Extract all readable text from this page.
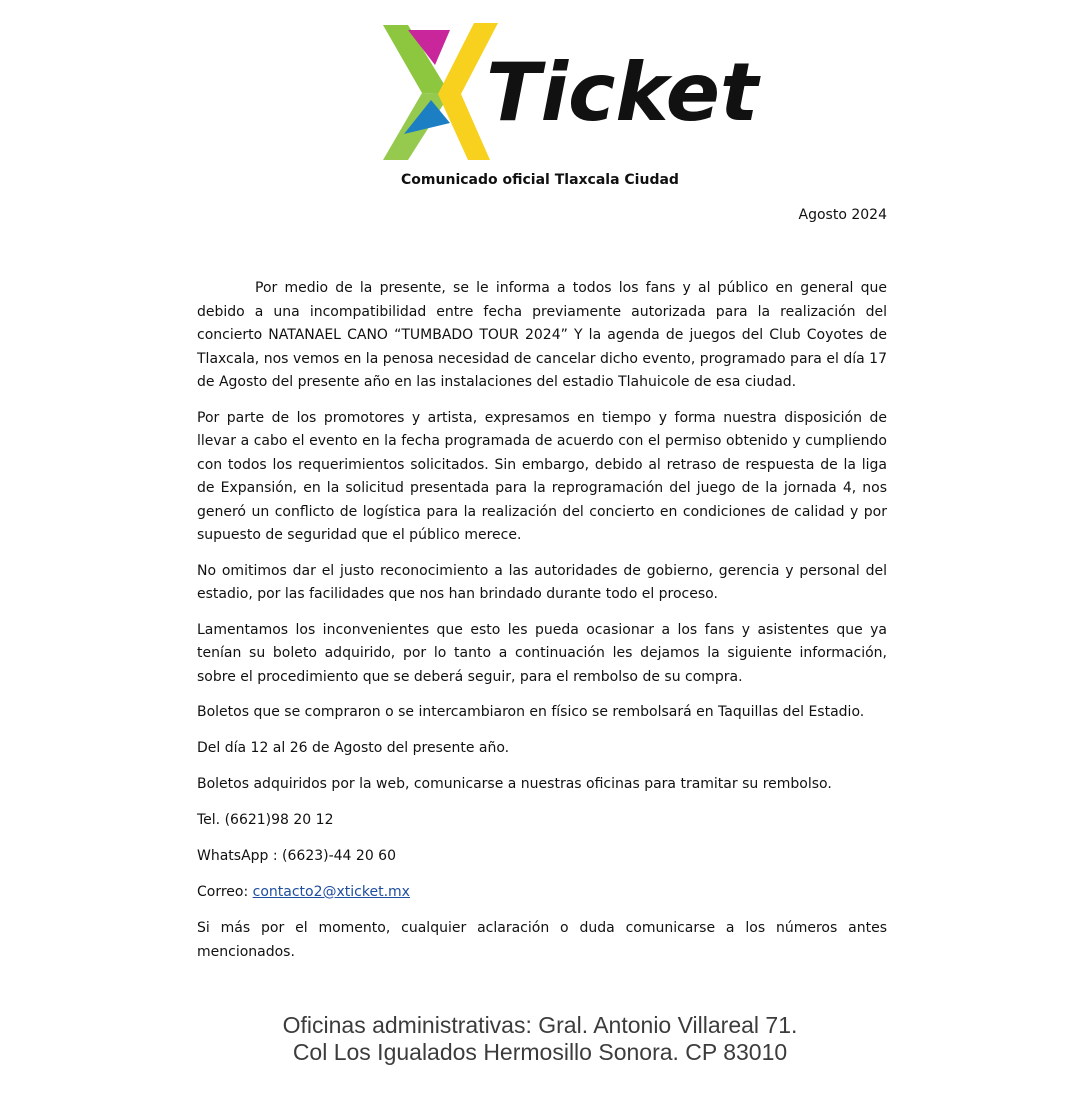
Ticket
Comunicado oficial Tlaxcala Ciudad
Agosto 2024

Por medio de la presente, se le informa a todos los fans y al público en general que debido a una incompatibilidad entre fecha previamente autorizada para la realización del concierto NATANAEL CANO “TUMBADO TOUR 2024” Y la agenda de juegos del Club Coyotes de Tlaxcala, nos vemos en la penosa necesidad de cancelar dicho evento, programado para el día 17 de Agosto del presente año en las instalaciones del estadio Tlahuicole de esa ciudad.

Por parte de los promotores y artista, expresamos en tiempo y forma nuestra disposición de llevar a cabo el evento en la fecha programada de acuerdo con el permiso obtenido y cumpliendo con todos los requerimientos solicitados. Sin embargo, debido al retraso de respuesta de la liga de Expansión, en la solicitud presentada para la reprogramación del juego de la jornada 4, nos generó un conflicto de logística para la realización del concierto en condiciones de calidad y por supuesto de seguridad que el público merece.

No omitimos dar el justo reconocimiento a las autoridades de gobierno, gerencia y personal del estadio, por las facilidades que nos han brindado durante todo el proceso.

Lamentamos los inconvenientes que esto les pueda ocasionar a los fans y asistentes que ya tenían su boleto adquirido, por lo tanto a continuación les dejamos la siguiente información, sobre el procedimiento que se deberá seguir, para el rembolso de su compra.

Boletos que se compraron o se intercambiaron en físico se rembolsará en Taquillas del Estadio.

Del día 12 al 26 de Agosto del presente año.

Boletos adquiridos por la web, comunicarse a nuestras oficinas para tramitar su rembolso.

Tel. (6621)98 20 12

WhatsApp : (6623)-44 20 60

Correo: contacto2@xticket.mx

Si más por el momento, cualquier aclaración o duda comunicarse a los números antes mencionados.

Oficinas administrativas: Gral. Antonio Villareal 71.
Col Los Igualados Hermosillo Sonora. CP 83010
